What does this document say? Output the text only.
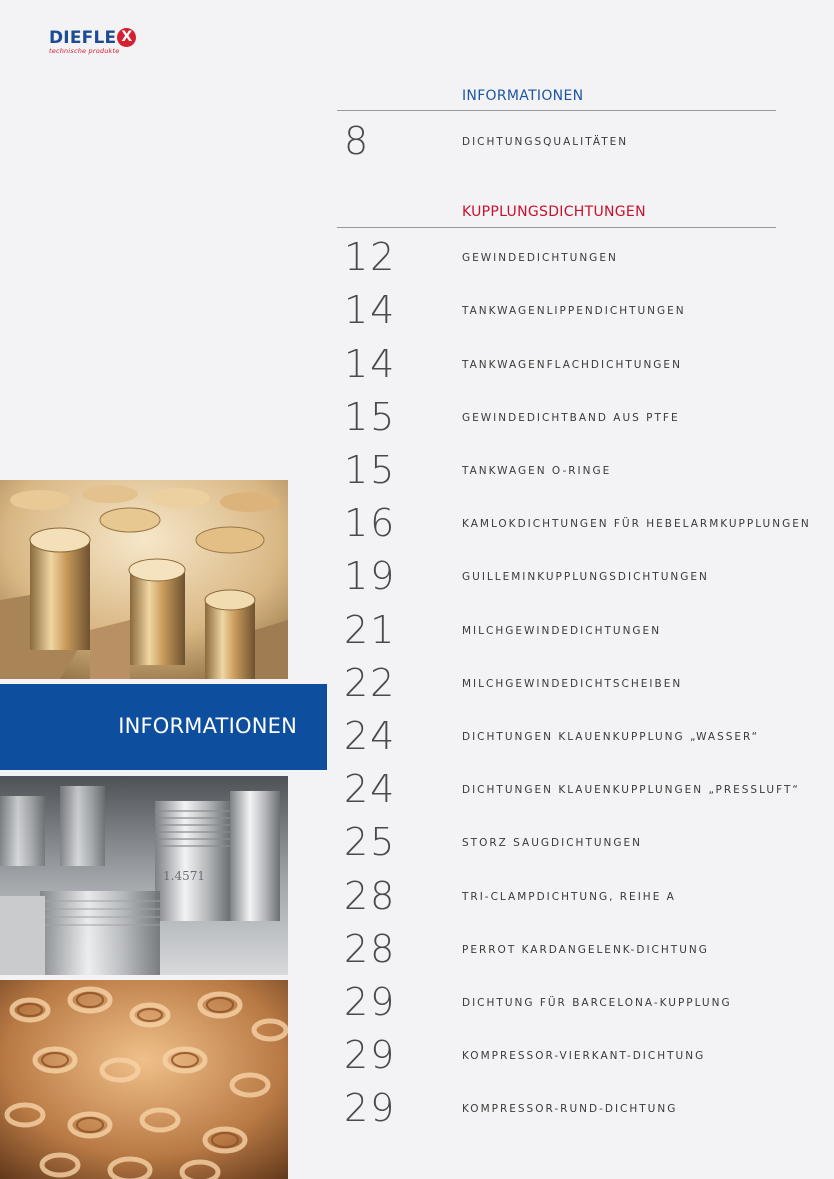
DIEFLE X
technische produkte
INFORMATIONEN
8	DICHTUNGSQUALITÄTEN
KUPPLUNGSDICHTUNGEN
12	GEWINDEDICHTUNGEN
14	TANKWAGENLIPPENDICHTUNGEN
14	TANKWAGENFLACHDICHTUNGEN
15	GEWINDEDICHTBAND AUS PTFE
15	TANKWAGEN O-RINGE
16	KAMLOKDICHTUNGEN FÜR HEBELARMKUPPLUNGEN
19	GUILLEMINKUPPLUNGSDICHTUNGEN
21	MILCHGEWINDEDICHTUNGEN
22	MILCHGEWINDEDICHTSCHEIBEN
24	DICHTUNGEN KLAUENKUPPLUNG „WASSER“
24	DICHTUNGEN KLAUENKUPPLUNGEN „PRESSLUFT“
25	STORZ SAUGDICHTUNGEN
28	TRI-CLAMPDICHTUNG, REIHE A
28	PERROT KARDANGELENK-DICHTUNG
29	DICHTUNG FÜR BARCELONA-KUPPLUNG
29	KOMPRESSOR-VIERKANT-DICHTUNG
29	KOMPRESSOR-RUND-DICHTUNG
INFORMATIONEN
1.4571
